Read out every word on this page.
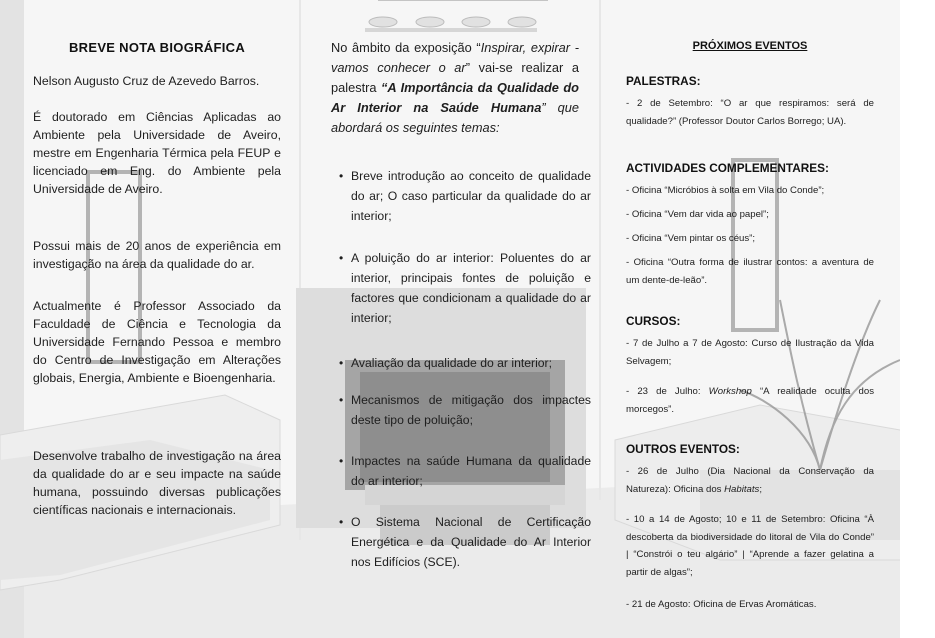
BREVE NOTA BIOGRÁFICA

Nelson Augusto Cruz de Azevedo Barros.

É doutorado em Ciências Aplicadas ao Ambiente pela Universidade de Aveiro, mestre em Engenharia Térmica pela FEUP e licenciado em Eng. do Ambiente pela Universidade de Aveiro.

Possui mais de 20 anos de experiência em investigação na área da qualidade do ar.

Actualmente é Professor Associado da Faculdade de Ciência e Tecnologia da Universidade Fernando Pessoa e membro do Centro de Investigação em Alterações globais, Energia, Ambiente e Bioengenharia.

Desenvolve trabalho de investigação na área da qualidade do ar e seu impacte na saúde humana, possuindo diversas publicações científicas nacionais e internacionais.

No âmbito da exposição “Inspirar, expirar - vamos conhecer o ar” vai-se realizar a palestra “A Importância da Qualidade do Ar Interior na Saúde Humana” que abordará os seguintes temas:

• Breve introdução ao conceito de qualidade do ar; O caso particular da qualidade do ar interior;
• A poluição do ar interior: Poluentes do ar interior, principais fontes de poluição e factores que condicionam a qualidade do ar interior;
• Avaliação da qualidade do ar interior;
• Mecanismos de mitigação dos impactes deste tipo de poluição;
• Impactes na saúde Humana da qualidade do ar interior;
• O Sistema Nacional de Certificação Energética e da Qualidade do Ar Interior nos Edifícios (SCE).
PRÓXIMOS EVENTOS
PALESTRAS:

- 2 de Setembro: “O ar que respiramos: será de qualidade?” (Professor Doutor Carlos Borrego; UA).

ACTIVIDADES COMPLEMENTARES:

- Oficina “Micróbios à solta em Vila do Conde”;

- Oficina “Vem dar vida ao papel”;

- Oficina “Vem pintar os céus”;

- Oficina “Outra forma de ilustrar contos: a aventura de um dente-de-leão”.

CURSOS:

- 7 de Julho a 7 de Agosto: Curso de Ilustração da Vida Selvagem;

- 23 de Julho: Workshop “A realidade oculta dos morcegos”.

OUTROS EVENTOS:

- 26 de Julho (Dia Nacional da Conservação da Natureza): Oficina dos Habitats;

- 10 a 14 de Agosto; 10 e 11 de Setembro: Oficina “À descoberta da biodiversidade do litoral de Vila do Conde” | “Constrói o teu algário” | “Aprende a fazer gelatina a partir de algas”;

- 21 de Agosto: Oficina de Ervas Aromáticas.
